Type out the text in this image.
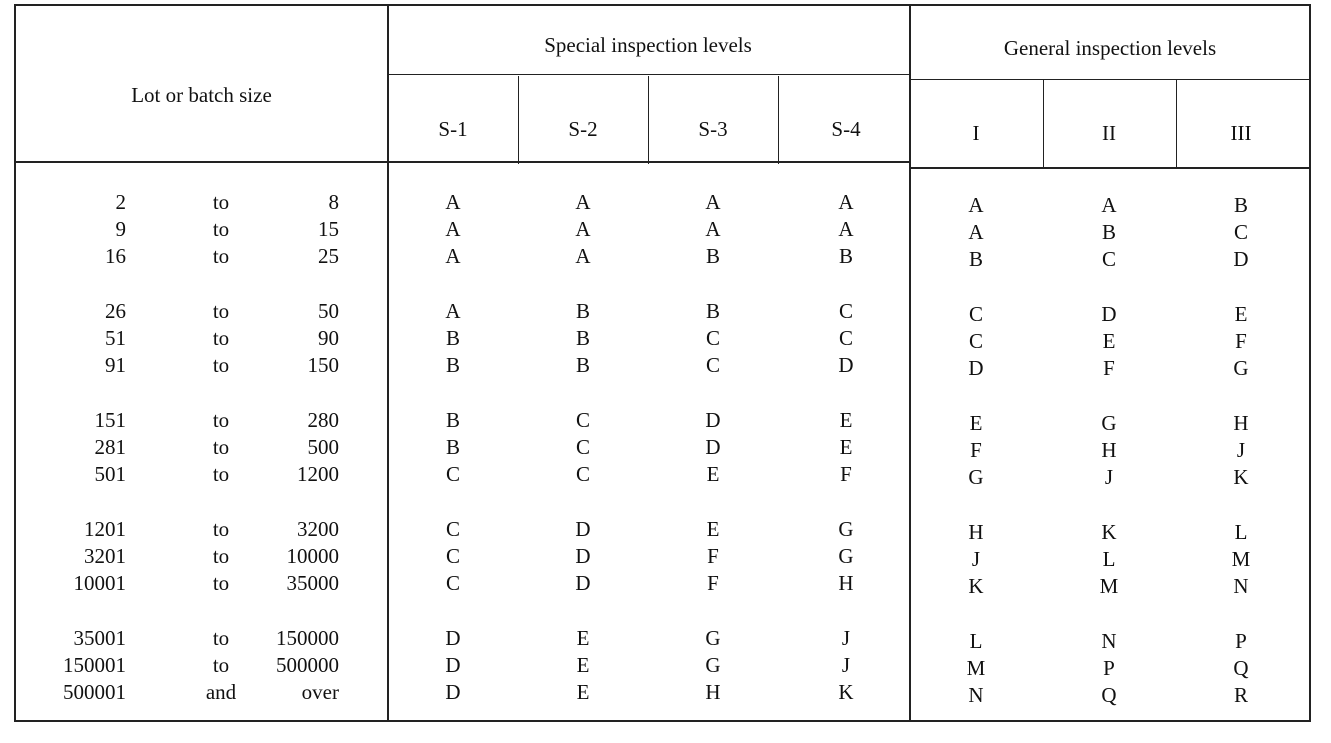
Lot or batch size
Special inspection levels	General inspection levels
S-1	S-2	S-3	S-4	I	II	III
2	to	8	A	A	A	A	A	A	B
9	to	15	A	A	A	A	A	B	C
16	to	25	A	A	B	B	B	C	D
26	to	50	A	B	B	C	C	D	E
51	to	90	B	B	C	C	C	E	F
91	to	150	B	B	C	D	D	F	G
151	to	280	B	C	D	E	E	G	H
281	to	500	B	C	D	E	F	H	J
501	to	1200	C	C	E	F	G	J	K
1201	to	3200	C	D	E	G	H	K	L
3201	to	10000	C	D	F	G	J	L	M
10001	to	35000	C	D	F	H	K	M	N
35001	to	150000	D	E	G	J	L	N	P
150001	to	500000	D	E	G	J	M	P	Q
500001	and	over	D	E	H	K	N	Q	R
